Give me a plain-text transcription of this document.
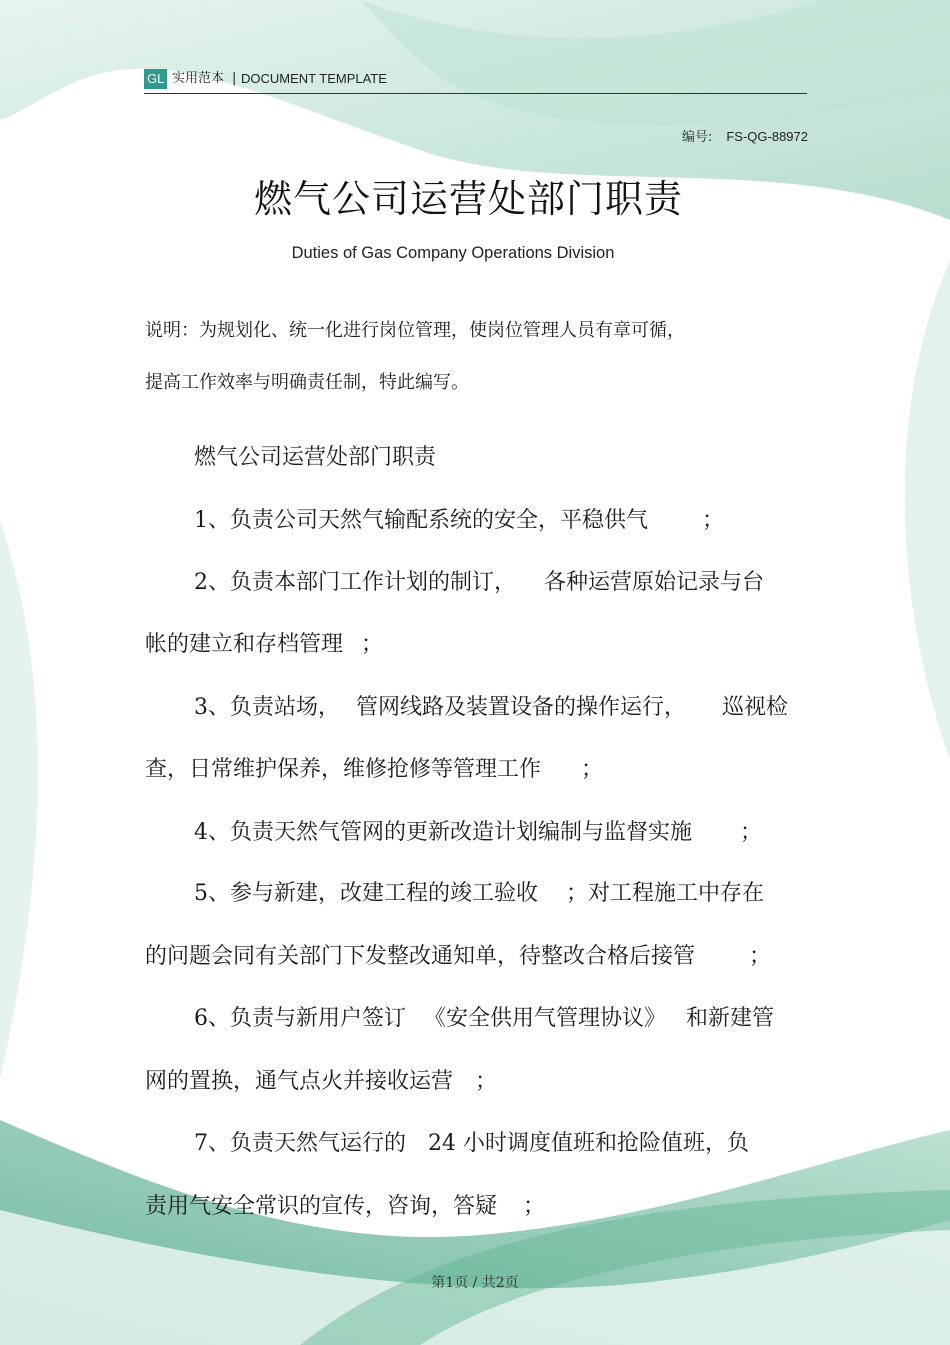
GL 实用范本 | DOCUMENT TEMPLATE
编号: FS-QG-88972
燃气公司运营处部门职责
Duties of Gas Company Operations Division
说明：为规划化、统一化进行岗位管理，使岗位管理人员有章可循，
提高工作效率与明确责任制，特此编写。
燃气公司运营处部门职责
1、负责公司天然气输配系统的安全，平稳供气 ；
2、负责本部门工作计划的制订， 各种运营原始记录与台
帐的建立和存档管理 ；
3、负责站场， 管网线路及装置设备的操作运行， 巡视检
查，日常维护保养，维修抢修等管理工作 ；
4、负责天然气管网的更新改造计划编制与监督实施 ；
5、参与新建，改建工程的竣工验收 ；对工程施工中存在
的问题会同有关部门下发整改通知单，待整改合格后接管 ；
6、负责与新用户签订 《安全供用气管理协议》 和新建管
网的置换，通气点火并接收运营 ；
7、负责天然气运行的 24 小时调度值班和抢险值班，负
责用气安全常识的宣传，咨询，答疑 ；
第1页 / 共2页
